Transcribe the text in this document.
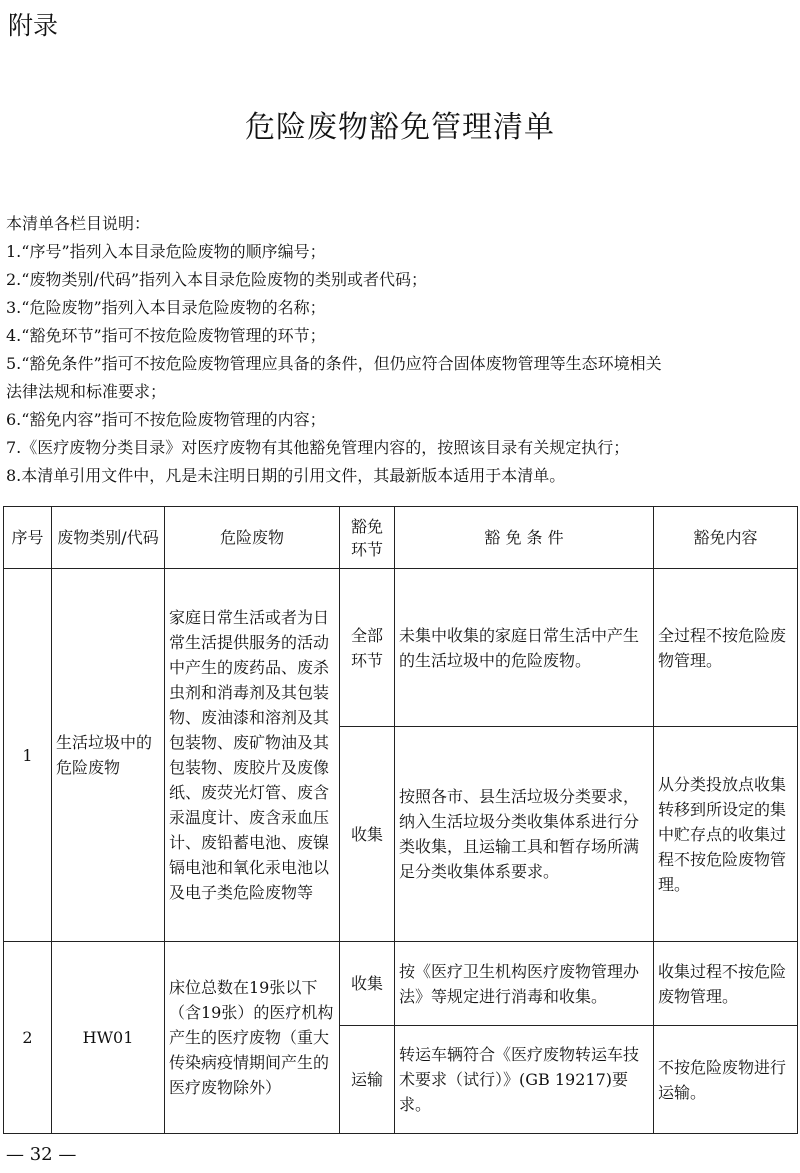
附录
危险废物豁免管理清单
本清单各栏目说明：
1.“序号”指列入本目录危险废物的顺序编号；
2.“废物类别/代码”指列入本目录危险废物的类别或者代码；
3.“危险废物”指列入本目录危险废物的名称；
4.“豁免环节”指可不按危险废物管理的环节；
5.“豁免条件”指可不按危险废物管理应具备的条件，但仍应符合固体废物管理等生态环境相关
法律法规和标准要求；
6.“豁免内容”指可不按危险废物管理的内容；
7.《医疗废物分类目录》对医疗废物有其他豁免管理内容的，按照该目录有关规定执行；
8.本清单引用文件中，凡是未注明日期的引用文件，其最新版本适用于本清单。
序号	废物类别/代码	危险废物	豁免环节	豁 免 条 件	豁免内容
1	生活垃圾中的危险废物	家庭日常生活或者为日常生活提供服务的活动中产生的废药品、废杀虫剂和消毒剂及其包装物、废油漆和溶剂及其包装物、废矿物油及其包装物、废胶片及废像纸、废荧光灯管、废含汞温度计、废含汞血压计、废铅蓄电池、废镍镉电池和氧化汞电池以及电子类危险废物等	全部环节	未集中收集的家庭日常生活中产生的生活垃圾中的危险废物。	全过程不按危险废物管理。
			收集	按照各市、县生活垃圾分类要求，纳入生活垃圾分类收集体系进行分类收集，且运输工具和暂存场所满足分类收集体系要求。	从分类投放点收集转移到所设定的集中贮存点的收集过程不按危险废物管理。
2	HW01	床位总数在19张以下（含19张）的医疗机构产生的医疗废物（重大传染病疫情期间产生的医疗废物除外）	收集	按《医疗卫生机构医疗废物管理办法》等规定进行消毒和收集。	收集过程不按危险废物管理。
			运输	转运车辆符合《医疗废物转运车技术要求（试行）》(GB 19217)要求。	不按危险废物进行运输。
— 32 —
